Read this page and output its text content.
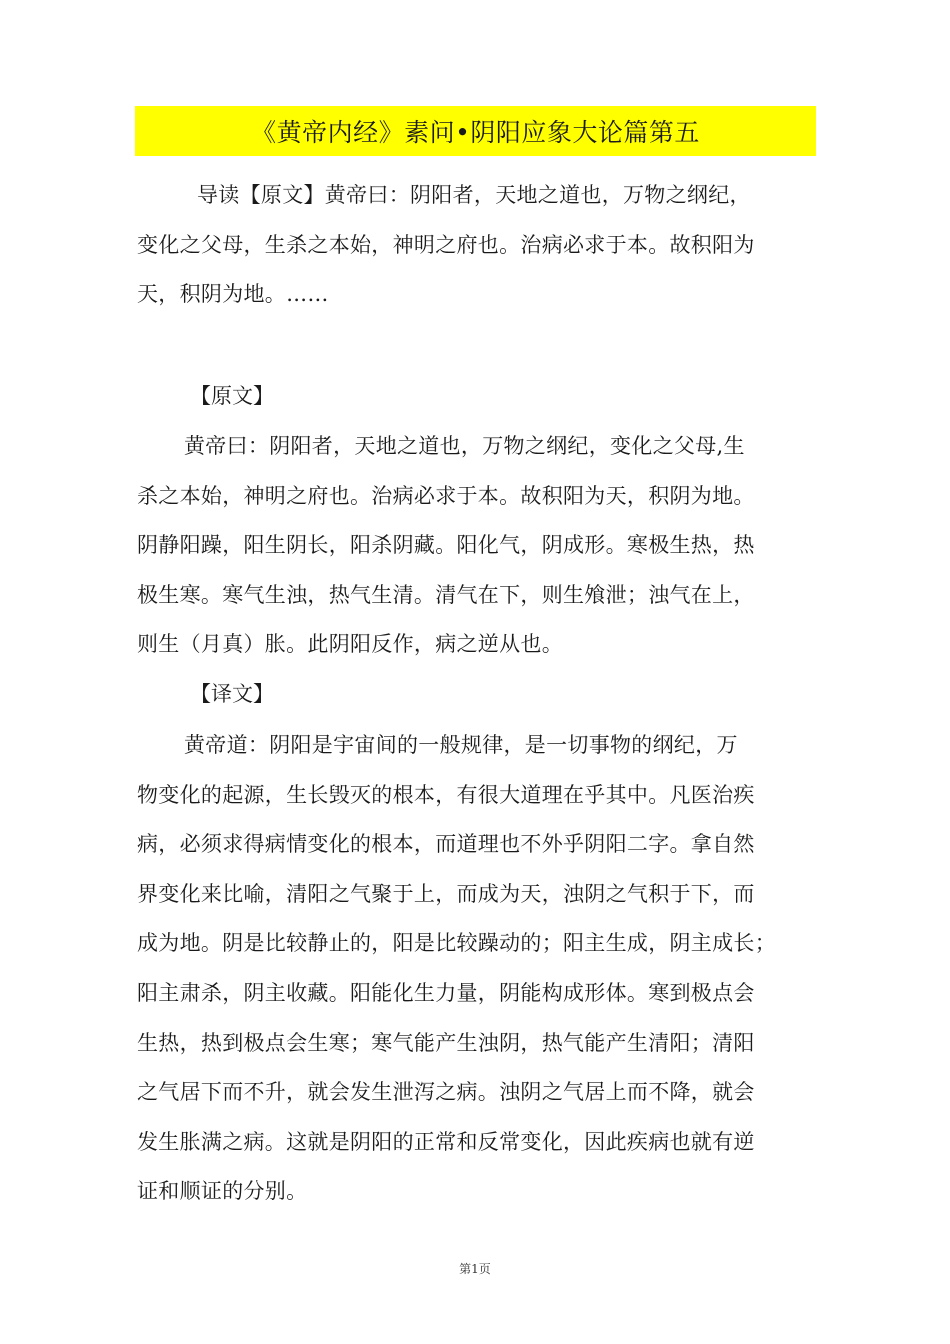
《黄帝内经》素问•阴阳应象大论篇第五
导读【原文】黄帝曰：阴阳者，天地之道也，万物之纲纪，
变化之父母，生杀之本始，神明之府也。治病必求于本。故积阳为
天，积阴为地。……

【原文】

黄帝曰：阴阳者，天地之道也，万物之纲纪，变化之父母,生
杀之本始，神明之府也。治病必求于本。故积阳为天，积阴为地。
阴静阳躁，阳生阴长，阳杀阴藏。阳化气，阴成形。寒极生热，热
极生寒。寒气生浊，热气生清。清气在下，则生飧泄；浊气在上，
则生（月真）胀。此阴阳反作，病之逆从也。

【译文】

黄帝道：阴阳是宇宙间的一般规律，是一切事物的纲纪，万
物变化的起源，生长毁灭的根本，有很大道理在乎其中。凡医治疾
病，必须求得病情变化的根本，而道理也不外乎阴阳二字。拿自然
界变化来比喻，清阳之气聚于上，而成为天，浊阴之气积于下，而
成为地。阴是比较静止的，阳是比较躁动的；阳主生成，阴主成长；
阳主肃杀，阴主收藏。阳能化生力量，阴能构成形体。寒到极点会
生热，热到极点会生寒；寒气能产生浊阴，热气能产生清阳；清阳
之气居下而不升，就会发生泄泻之病。浊阴之气居上而不降，就会
发生胀满之病。这就是阴阳的正常和反常变化，因此疾病也就有逆
证和顺证的分别。
第1页
